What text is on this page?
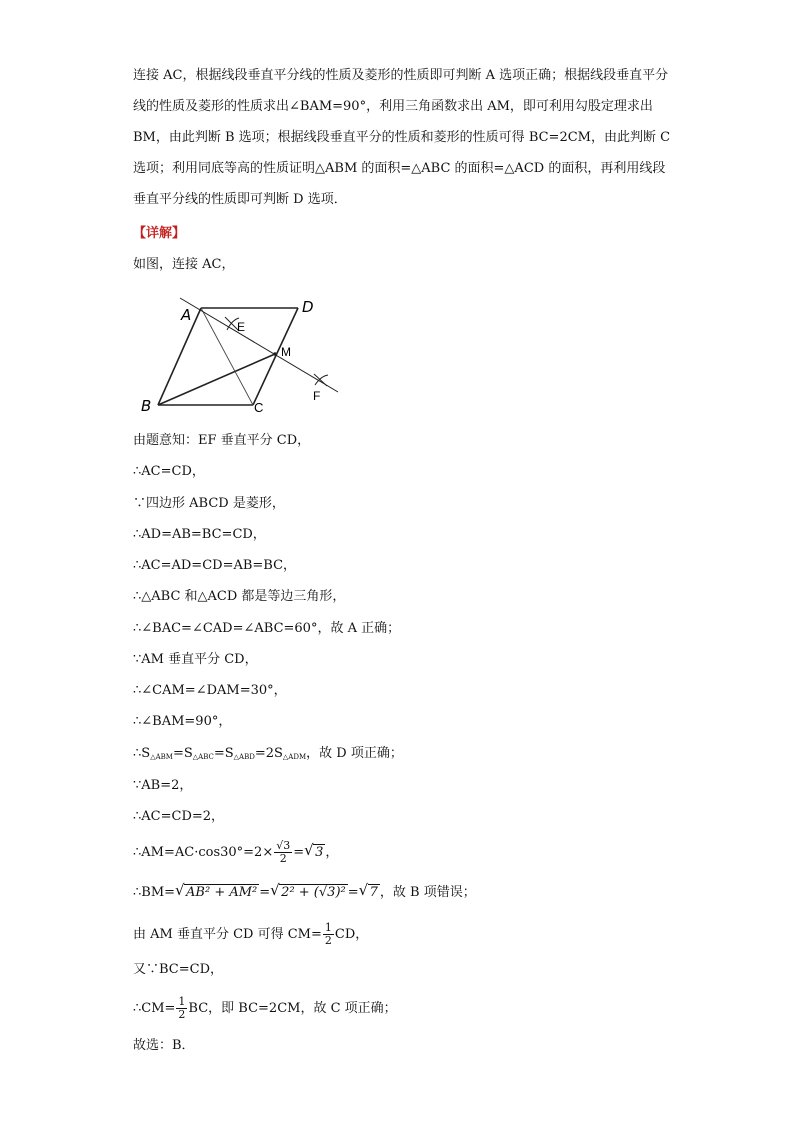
连接 AC，根据线段垂直平分线的性质及菱形的性质即可判断 A 选项正确；根据线段垂直平分线的性质及菱形的性质求出∠BAM=90°，利用三角函数求出 AM，即可利用勾股定理求出 BM，由此判断 B 选项；根据线段垂直平分的性质和菱形的性质可得 BC=2CM，由此判断 C 选项；利用同底等高的性质证明△ABM 的面积=△ABC 的面积=△ACD 的面积，再利用线段垂直平分线的性质即可判断 D 选项．

【详解】
如图，连接 AC，
A	D
B	C
E
M
F
由题意知：EF 垂直平分 CD，
∴AC=CD，
∵四边形 ABCD 是菱形，
∴AD=AB=BC=CD，
∴AC=AD=CD=AB=BC，
∴△ABC 和△ACD 都是等边三角形，
∴∠BAC=∠CAD=∠ABC=60°，故 A 正确；
∵AM 垂直平分 CD，
∴∠CAM=∠DAM=30°，
∴∠BAM=90°，
$\therefore S_{\triangle ABM}=S_{\triangle ABC}=S_{\triangle ABD}=2S_{\triangle ADM}$，故 D 项正确；
∵AB=2，
∴AC=CD=2，
∴AM=AC·cos30°=2× $\frac{√3}{2}$ = √ 3 ，
∴BM= √ AB² + AM² = √ 2² + (√3)² = √ 7 ，故 B 项错误；
由 AM 垂直平分 CD 可得 $CM= \frac{1}{2}$ CD，
又∵BC=CD，
∴CM= $\frac{1}{2}$ BC，即 BC=2CM，故 C 项正确；
故选：B．
